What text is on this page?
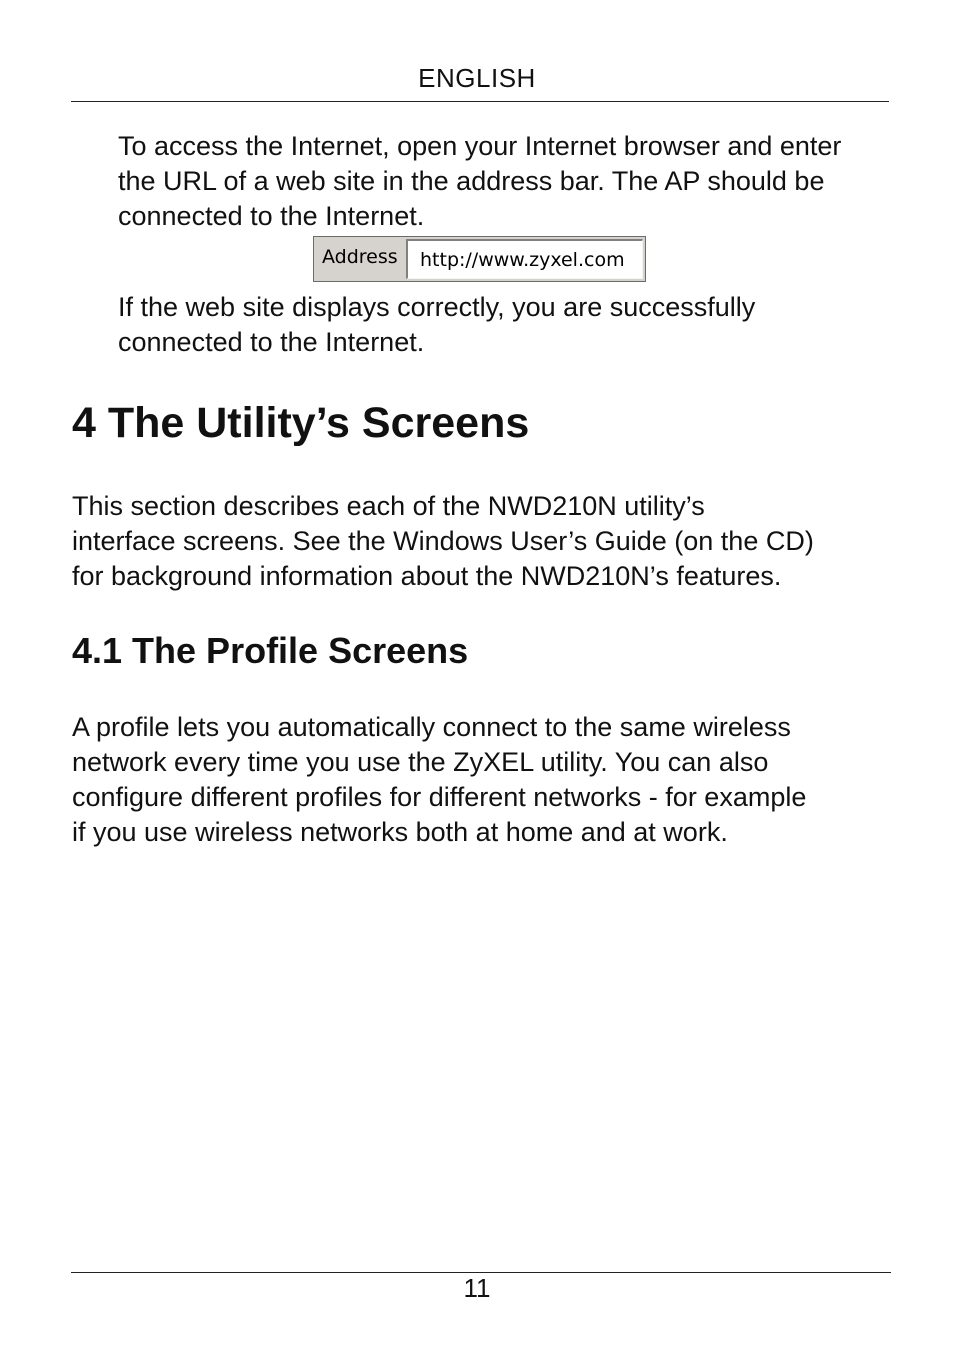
ENGLISH

To access the Internet, open your Internet browser and enter
the URL of a web site in the address bar. The AP should be
connected to the Internet.

Address	http://www.zyxel.com

If the web site displays correctly, you are successfully
connected to the Internet.

4 The Utility’s Screens

This section describes each of the NWD210N utility’s
interface screens. See the Windows User’s Guide (on the CD)
for background information about the NWD210N’s features.

4.1 The Profile Screens

A profile lets you automatically connect to the same wireless
network every time you use the ZyXEL utility. You can also
configure different profiles for different networks - for example
if you use wireless networks both at home and at work.

11
